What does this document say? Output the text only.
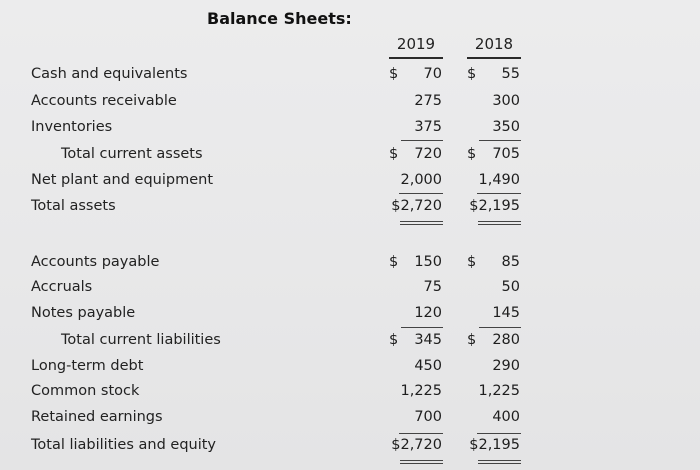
Balance Sheets:
2019	2018
Cash and equivalents	$ 70 $ 55
Accounts receivable	275	300
Inventories	375	350
Total current assets	$ 720 $ 705
Net plant and equipment	2,000	1,490
Total assets	$2,720 $2,195
Accounts payable	$ 150 $ 85
Accruals	75	50
Notes payable	120	145
Total current liabilities	$ 345 $ 280
Long-term debt	450	290
Common stock	1,225	1,225
Retained earnings	700	400
Total liabilities and equity	$2,720 $2,195
